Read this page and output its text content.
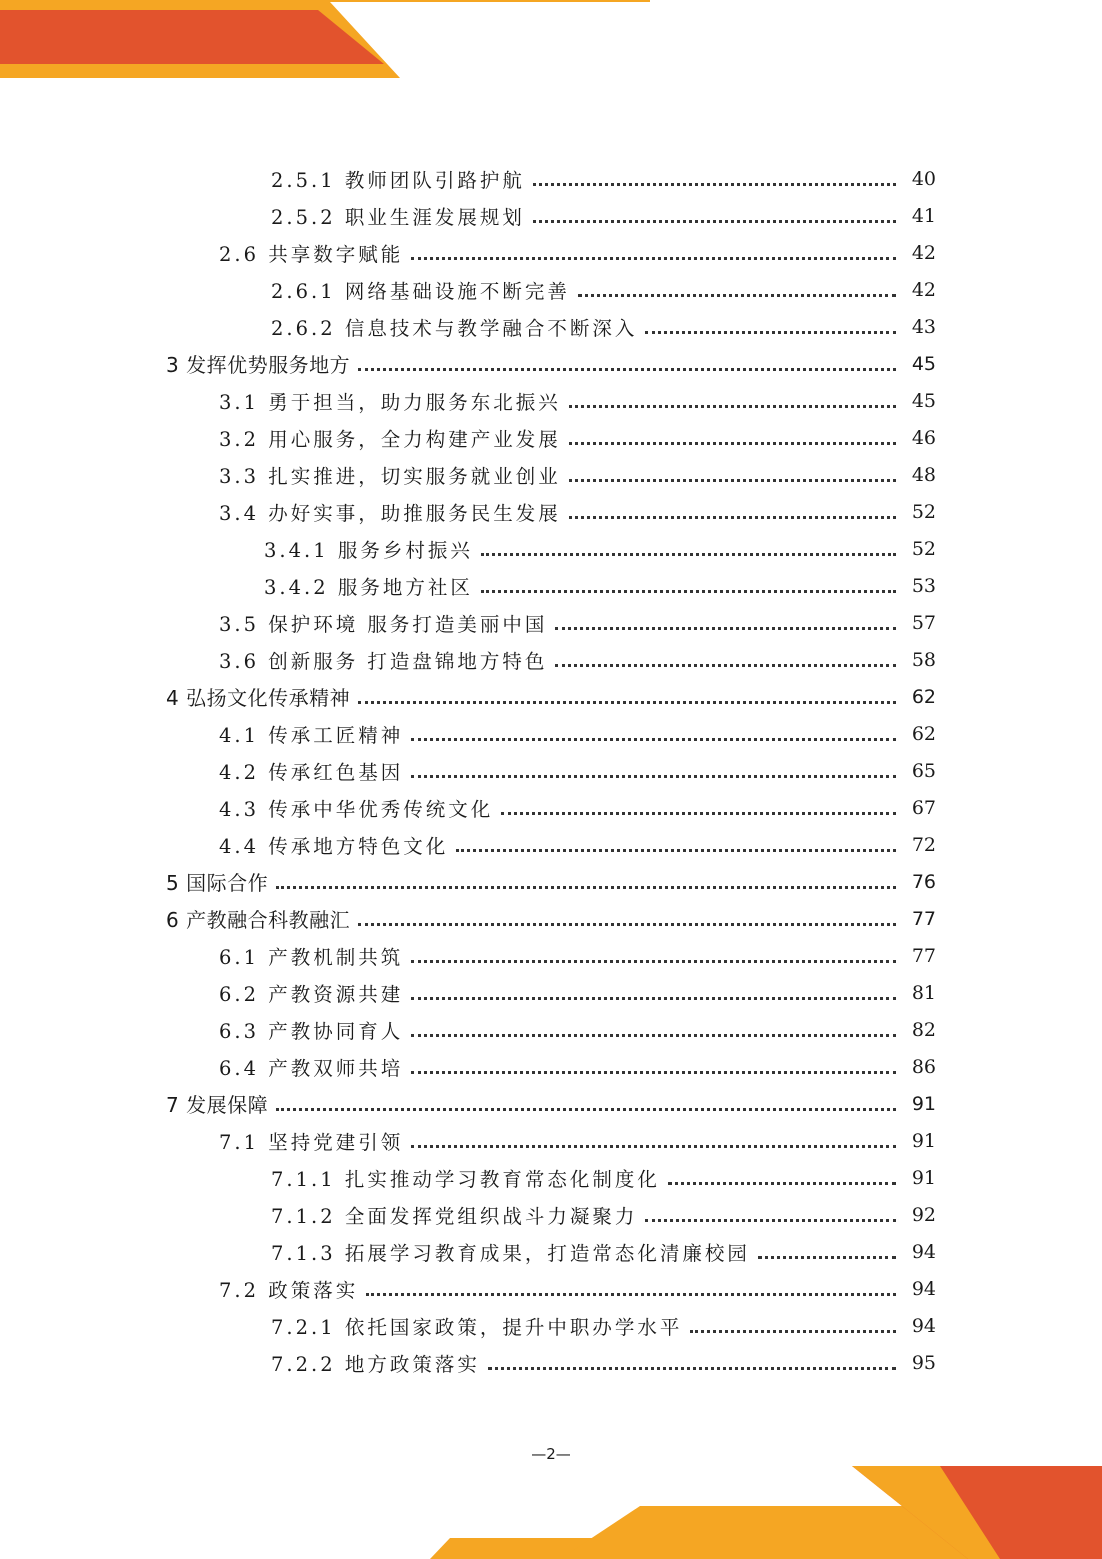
2.5.1 教师团队引路护航	40
2.5.2 职业生涯发展规划	41
2.6 共享数字赋能	42
2.6.1 网络基础设施不断完善	42
2.6.2 信息技术与教学融合不断深入	43
3 发挥优势服务地方	45
3.1 勇于担当，助力服务东北振兴	45
3.2 用心服务，全力构建产业发展	46
3.3 扎实推进，切实服务就业创业	48
3.4 办好实事，助推服务民生发展	52
3.4.1 服务乡村振兴	52
3.4.2 服务地方社区	53
3.5 保护环境 服务打造美丽中国	57
3.6 创新服务 打造盘锦地方特色	58
4 弘扬文化传承精神	62
4.1 传承工匠精神	62
4.2 传承红色基因	65
4.3 传承中华优秀传统文化	67
4.4 传承地方特色文化	72
5 国际合作	76
6 产教融合科教融汇	77
6.1 产教机制共筑	77
6.2 产教资源共建	81
6.3 产教协同育人	82
6.4 产教双师共培	86
7 发展保障	91
7.1 坚持党建引领	91
7.1.1 扎实推动学习教育常态化制度化	91
7.1.2 全面发挥党组织战斗力凝聚力	92
7.1.3 拓展学习教育成果，打造常态化清廉校园	94
7.2 政策落实	94
7.2.1 依托国家政策，提升中职办学水平	94
7.2.2 地方政策落实	95
—2—
